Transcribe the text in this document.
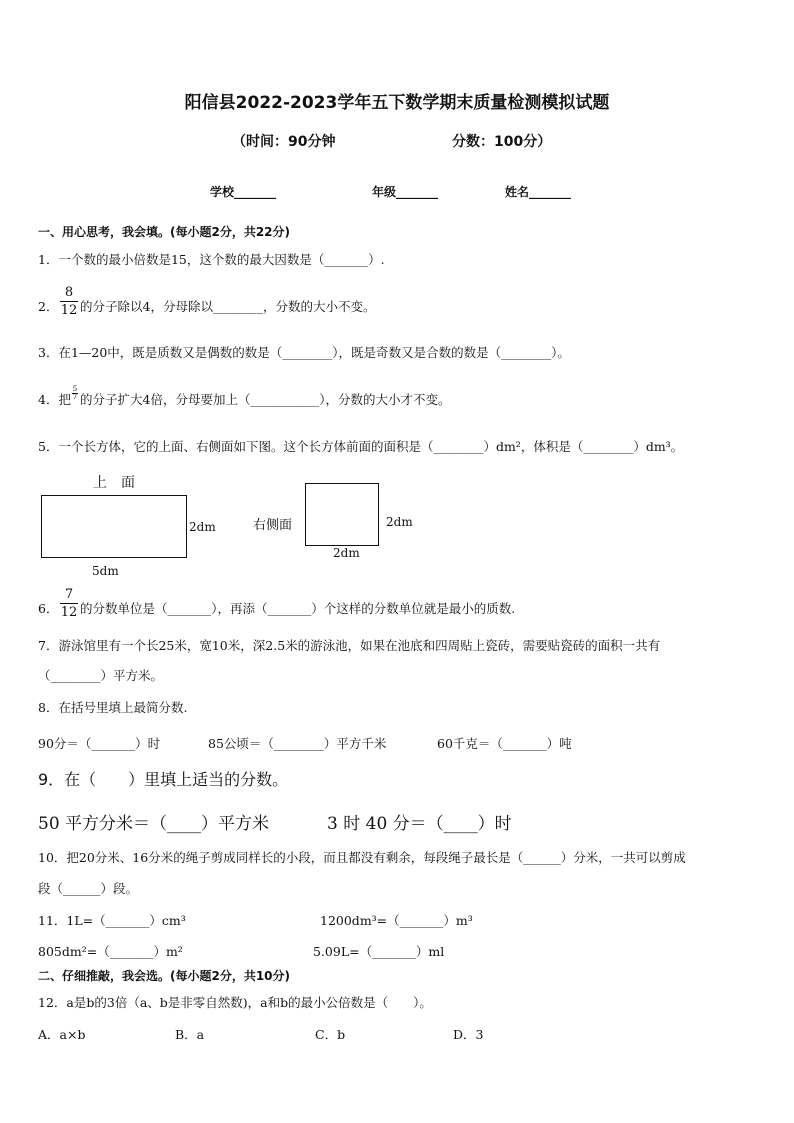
阳信县2022-2023学年五下数学期末质量检测模拟试题
（时间：90分钟	分数：100分）
学校_______	年级_______	姓名_______
一、用心思考，我会填。(每小题2分，共22分)
1．一个数的最小倍数是15，这个数的最大因数是（_______）.
2．
8
12 的分子除以4，分母除以________，分数的大小不变。
3．在1—20中，既是质数又是偶数的数是（________），既是奇数又是合数的数是（________）。
4．把
5
7 的分子扩大4倍，分母要加上（___________），分数的大小才不变。
5．一个长方体，它的上面、右侧面如下图。这个长方体前面的面积是（________）dm²，体积是（________）dm³。
上　面
2dm
5dm
右侧面	2dm
2dm
6．
7
12 的分数单位是（_______），再添（_______）个这样的分数单位就是最小的质数.
7．游泳馆里有一个长25米，宽10米，深2.5米的游泳池，如果在池底和四周贴上瓷砖，需要贴瓷砖的面积一共有
（________）平方米。
8．在括号里填上最简分数.
90分＝（_______）时	85公顷＝（________）平方千米	60千克＝（_______）吨
9．在（　　）里填上适当的分数。
50 平方分米＝（____）平方米	3 时 40 分＝（____）时
10．把20分米、16分米的绳子剪成同样长的小段，而且都没有剩余，每段绳子最长是（______）分米，一共可以剪成
段（______）段。
11．1L=（_______）cm³	1200dm³=（_______）m³
805dm²=（_______）m²	5.09L=（_______）ml
二、仔细推敲，我会选。(每小题2分，共10分)
12．a是b的3倍（a、b是非零自然数)，a和b的最小公倍数是（　　）。
A．a×b	B．a	C．b	D．3
